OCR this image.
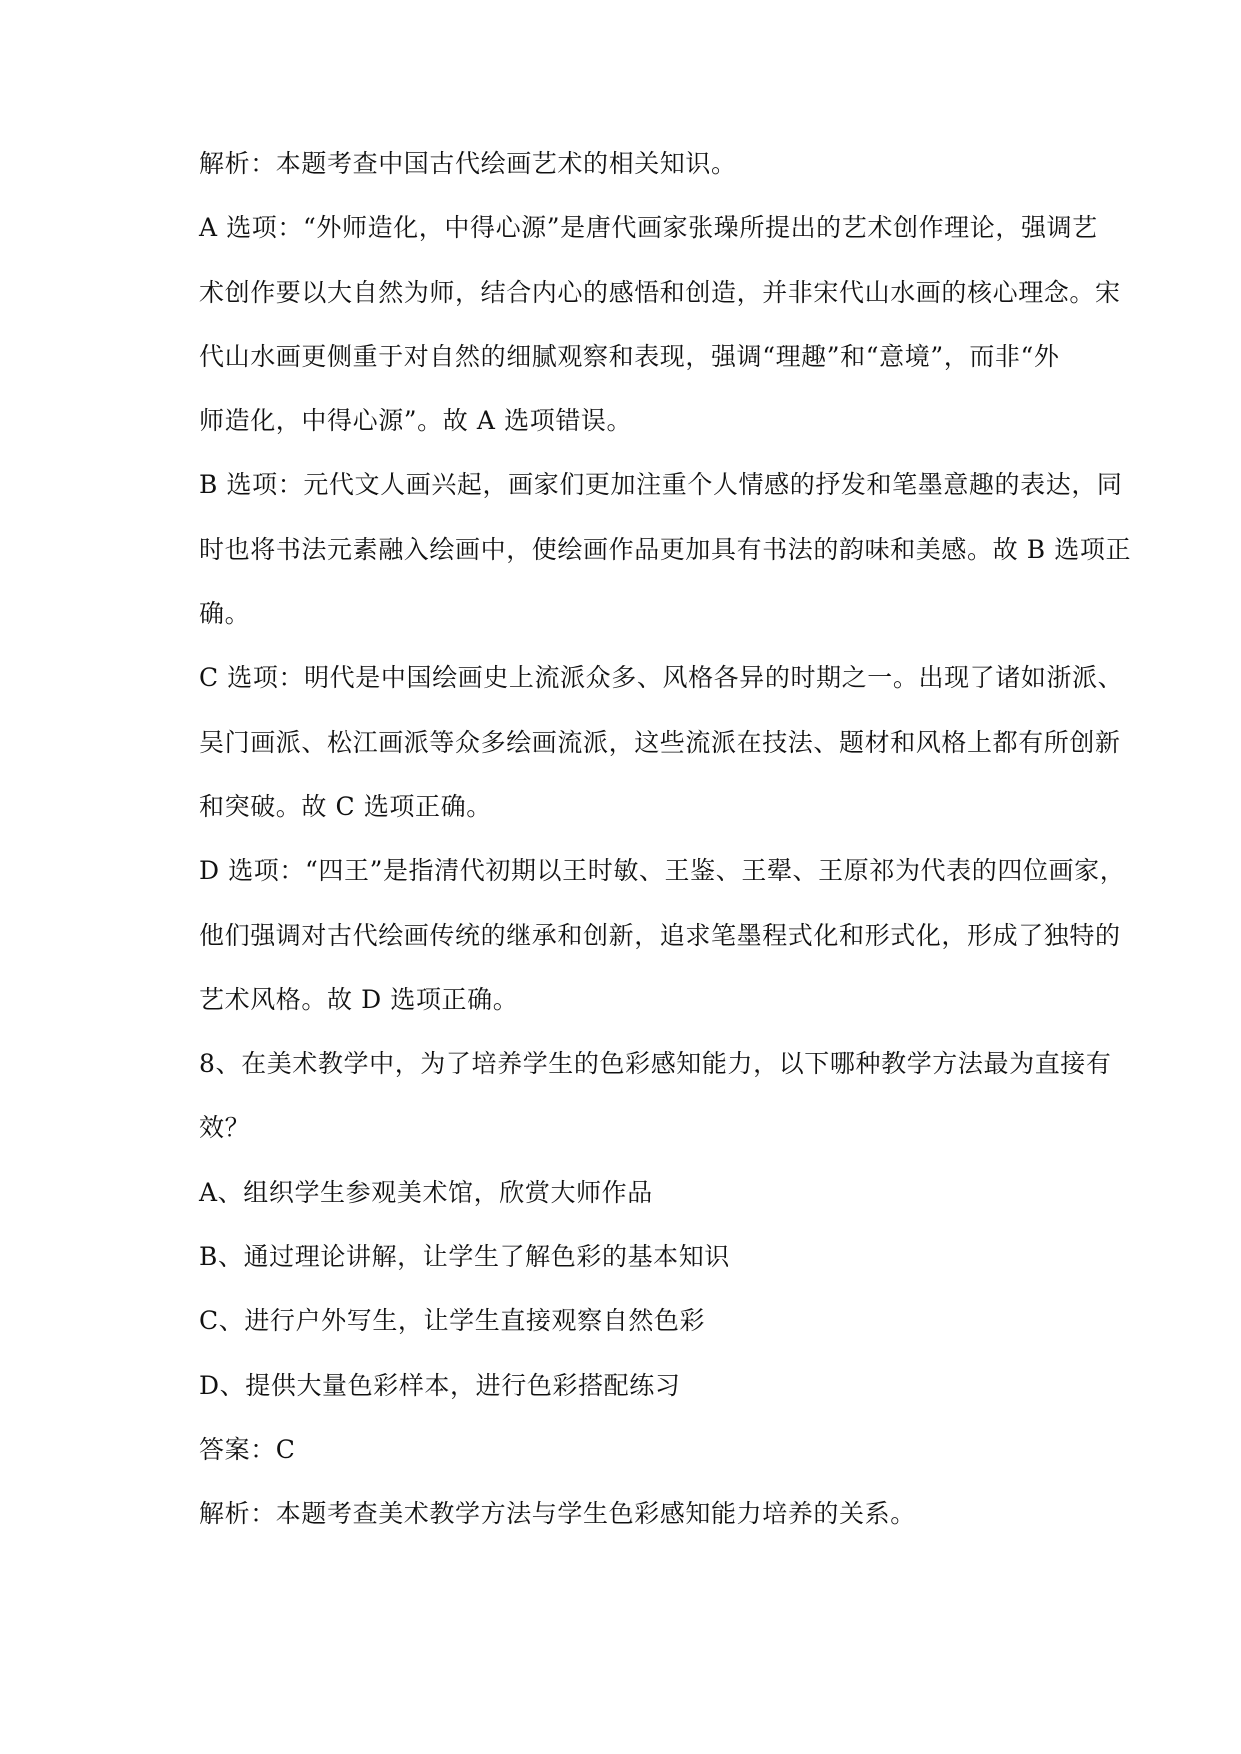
解析：本题考查中国古代绘画艺术的相关知识。
A 选项：“外师造化，中得心源”是唐代画家张璪所提出的艺术创作理论，强调艺
术创作要以大自然为师，结合内心的感悟和创造，并非宋代山水画的核心理念。宋
代山水画更侧重于对自然的细腻观察和表现，强调“理趣”和“意境”，而非“外
师造化，中得心源”。故 A 选项错误。
B 选项：元代文人画兴起，画家们更加注重个人情感的抒发和笔墨意趣的表达，同
时也将书法元素融入绘画中，使绘画作品更加具有书法的韵味和美感。故 B 选项正
确。
C 选项：明代是中国绘画史上流派众多、风格各异的时期之一。出现了诸如浙派、
吴门画派、松江画派等众多绘画流派，这些流派在技法、题材和风格上都有所创新
和突破。故 C 选项正确。
D 选项：“四王”是指清代初期以王时敏、王鉴、王翚、王原祁为代表的四位画家，
他们强调对古代绘画传统的继承和创新，追求笔墨程式化和形式化，形成了独特的
艺术风格。故 D 选项正确。
8、在美术教学中，为了培养学生的色彩感知能力，以下哪种教学方法最为直接有
效？
A、组织学生参观美术馆，欣赏大师作品
B、通过理论讲解，让学生了解色彩的基本知识
C、进行户外写生，让学生直接观察自然色彩
D、提供大量色彩样本，进行色彩搭配练习
答案：C
解析：本题考查美术教学方法与学生色彩感知能力培养的关系。
